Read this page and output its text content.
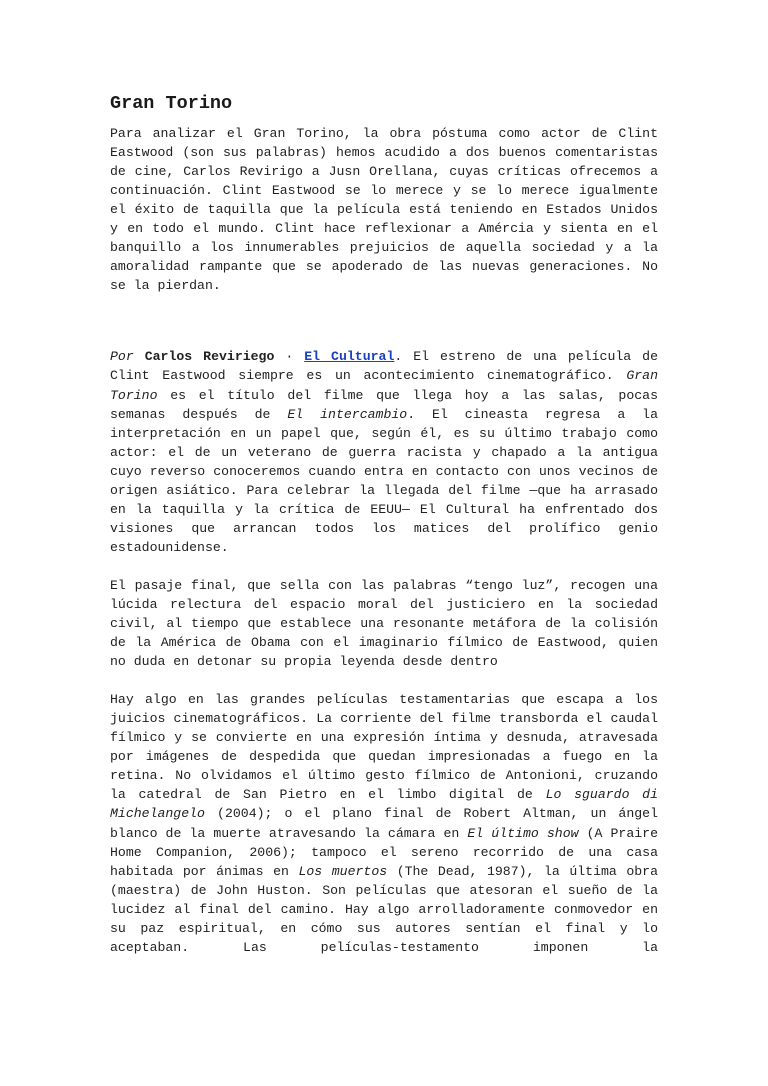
Gran Torino

Para analizar el Gran Torino, la obra póstuma como actor de Clint Eastwood (son sus palabras) hemos acudido a dos buenos comentaristas de cine, Carlos Revirigo a Jusn Orellana, cuyas críticas ofrecemos a continuación. Clint Eastwood se lo merece y se lo merece igualmente el éxito de taquilla que la película está teniendo en Estados Unidos y en todo el mundo. Clint hace reflexionar a Amércia y sienta en el banquillo a los innumerables prejuicios de aquella sociedad y a la amoralidad rampante que se apoderado de las nuevas generaciones. No se la pierdan.

Por Carlos Reviriego · El Cultural. El estreno de una película de Clint Eastwood siempre es un acontecimiento cinematográfico. Gran Torino es el título del filme que llega hoy a las salas, pocas semanas después de El intercambio. El cineasta regresa a la interpretación en un papel que, según él, es su último trabajo como actor: el de un veterano de guerra racista y chapado a la antigua cuyo reverso conoceremos cuando entra en contacto con unos vecinos de origen asiático. Para celebrar la llegada del filme —que ha arrasado en la taquilla y la crítica de EEUU— El Cultural ha enfrentado dos visiones que arrancan todos los matices del prolífico genio estadounidense.

El pasaje final, que sella con las palabras “tengo luz”, recogen una lúcida relectura del espacio moral del justiciero en la sociedad civil, al tiempo que establece una resonante metáfora de la colisión de la América de Obama con el imaginario fílmico de Eastwood, quien no duda en detonar su propia leyenda desde dentro

Hay algo en las grandes películas testamentarias que escapa a los juicios cinematográficos. La corriente del filme transborda el caudal fílmico y se convierte en una expresión íntima y desnuda, atravesada por imágenes de despedida que quedan impresionadas a fuego en la retina. No olvidamos el último gesto fílmico de Antonioni, cruzando la catedral de San Pietro en el limbo digital de Lo sguardo di Michelangelo (2004); o el plano final de Robert Altman, un ángel blanco de la muerte atravesando la cámara en El último show (A Praire Home Companion, 2006); tampoco el sereno recorrido de una casa habitada por ánimas en Los muertos (The Dead, 1987), la última obra (maestra) de John Huston. Son películas que atesoran el sueño de la lucidez al final del camino. Hay algo arrolladoramente conmovedor en su paz espiritual, en cómo sus autores sentían el final y lo aceptaban. Las películas-testamento imponen la
